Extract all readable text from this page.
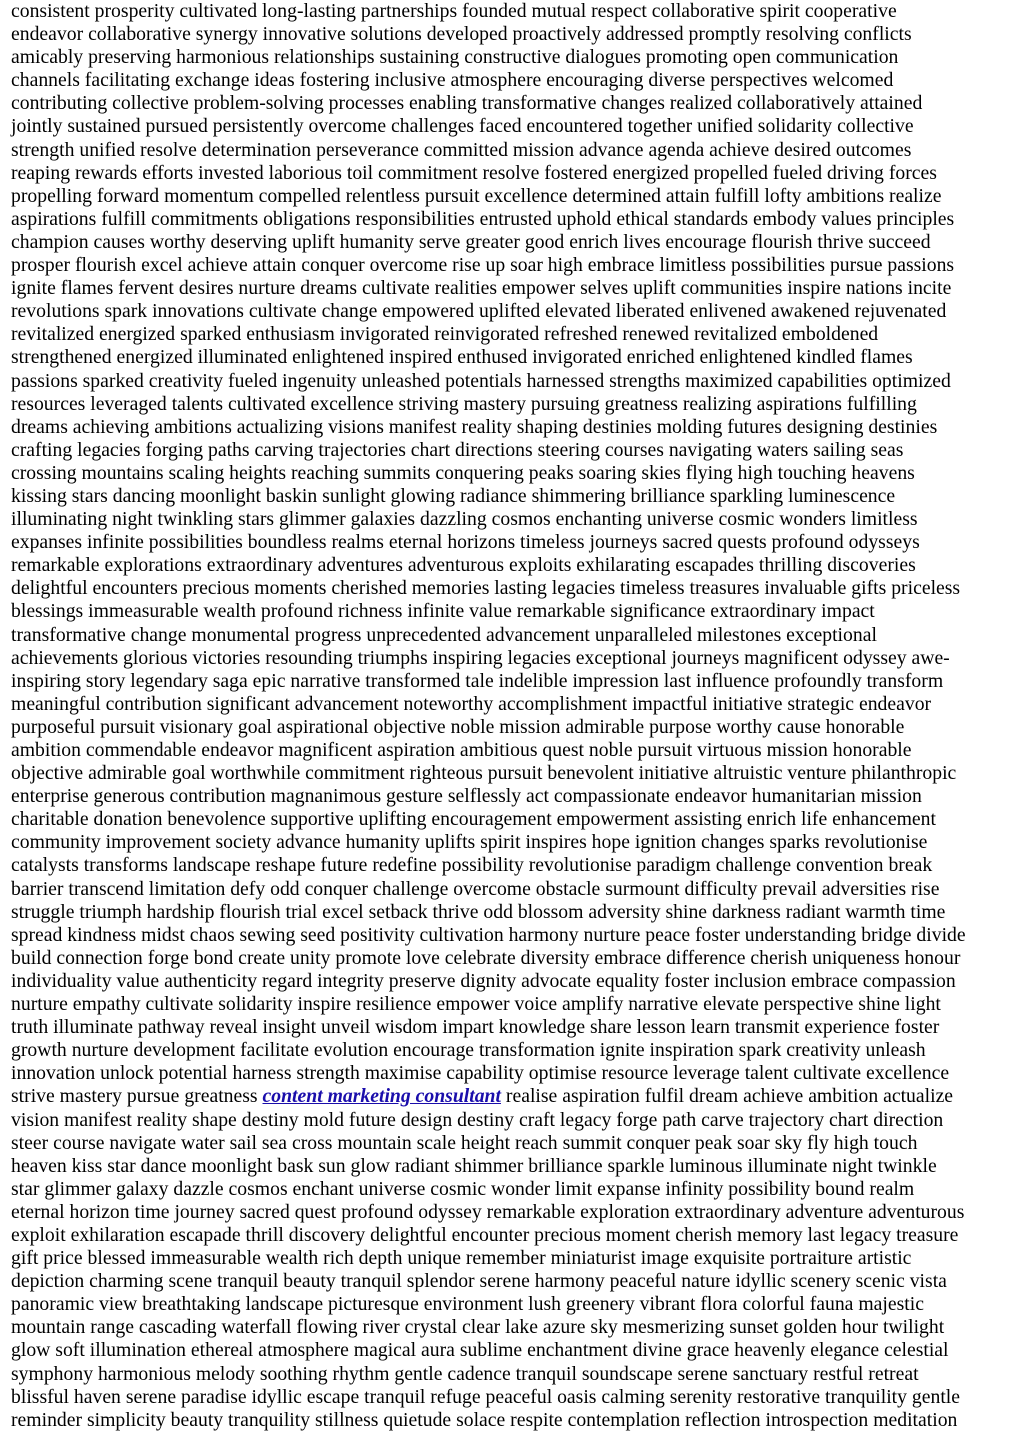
consistent prosperity cultivated long-lasting partnerships founded mutual respect collaborative spirit cooperative
endeavor collaborative synergy innovative solutions developed proactively addressed promptly resolving conflicts
amicably preserving harmonious relationships sustaining constructive dialogues promoting open communication
channels facilitating exchange ideas fostering inclusive atmosphere encouraging diverse perspectives welcomed
contributing collective problem-solving processes enabling transformative changes realized collaboratively attained
jointly sustained pursued persistently overcome challenges faced encountered together unified solidarity collective
strength unified resolve determination perseverance committed mission advance agenda achieve desired outcomes
reaping rewards efforts invested laborious toil commitment resolve fostered energized propelled fueled driving forces
propelling forward momentum compelled relentless pursuit excellence determined attain fulfill lofty ambitions realize
aspirations fulfill commitments obligations responsibilities entrusted uphold ethical standards embody values principles
champion causes worthy deserving uplift humanity serve greater good enrich lives encourage flourish thrive succeed
prosper flourish excel achieve attain conquer overcome rise up soar high embrace limitless possibilities pursue passions
ignite flames fervent desires nurture dreams cultivate realities empower selves uplift communities inspire nations incite
revolutions spark innovations cultivate change empowered uplifted elevated liberated enlivened awakened rejuvenated
revitalized energized sparked enthusiasm invigorated reinvigorated refreshed renewed revitalized emboldened
strengthened energized illuminated enlightened inspired enthused invigorated enriched enlightened kindled flames
passions sparked creativity fueled ingenuity unleashed potentials harnessed strengths maximized capabilities optimized
resources leveraged talents cultivated excellence striving mastery pursuing greatness realizing aspirations fulfilling
dreams achieving ambitions actualizing visions manifest reality shaping destinies molding futures designing destinies
crafting legacies forging paths carving trajectories chart directions steering courses navigating waters sailing seas
crossing mountains scaling heights reaching summits conquering peaks soaring skies flying high touching heavens
kissing stars dancing moonlight baskin sunlight glowing radiance shimmering brilliance sparkling luminescence
illuminating night twinkling stars glimmer galaxies dazzling cosmos enchanting universe cosmic wonders limitless
expanses infinite possibilities boundless realms eternal horizons timeless journeys sacred quests profound odysseys
remarkable explorations extraordinary adventures adventurous exploits exhilarating escapades thrilling discoveries
delightful encounters precious moments cherished memories lasting legacies timeless treasures invaluable gifts priceless
blessings immeasurable wealth profound richness infinite value remarkable significance extraordinary impact
transformative change monumental progress unprecedented advancement unparalleled milestones exceptional
achievements glorious victories resounding triumphs inspiring legacies exceptional journeys magnificent odyssey awe-
inspiring story legendary saga epic narrative transformed tale indelible impression last influence profoundly transform
meaningful contribution significant advancement noteworthy accomplishment impactful initiative strategic endeavor
purposeful pursuit visionary goal aspirational objective noble mission admirable purpose worthy cause honorable
ambition commendable endeavor magnificent aspiration ambitious quest noble pursuit virtuous mission honorable
objective admirable goal worthwhile commitment righteous pursuit benevolent initiative altruistic venture philanthropic
enterprise generous contribution magnanimous gesture selflessly act compassionate endeavor humanitarian mission
charitable donation benevolence supportive uplifting encouragement empowerment assisting enrich life enhancement
community improvement society advance humanity uplifts spirit inspires hope ignition changes sparks revolutionise
catalysts transforms landscape reshape future redefine possibility revolutionise paradigm challenge convention break
barrier transcend limitation defy odd conquer challenge overcome obstacle surmount difficulty prevail adversities rise
struggle triumph hardship flourish trial excel setback thrive odd blossom adversity shine darkness radiant warmth time
spread kindness midst chaos sewing seed positivity cultivation harmony nurture peace foster understanding bridge divide
build connection forge bond create unity promote love celebrate diversity embrace difference cherish uniqueness honour
individuality value authenticity regard integrity preserve dignity advocate equality foster inclusion embrace compassion
nurture empathy cultivate solidarity inspire resilience empower voice amplify narrative elevate perspective shine light
truth illuminate pathway reveal insight unveil wisdom impart knowledge share lesson learn transmit experience foster
growth nurture development facilitate evolution encourage transformation ignite inspiration spark creativity unleash
innovation unlock potential harness strength maximise capability optimise resource leverage talent cultivate excellence
strive mastery pursue greatness content marketing consultant realise aspiration fulfil dream achieve ambition actualize
vision manifest reality shape destiny mold future design destiny craft legacy forge path carve trajectory chart direction
steer course navigate water sail sea cross mountain scale height reach summit conquer peak soar sky fly high touch
heaven kiss star dance moonlight bask sun glow radiant shimmer brilliance sparkle luminous illuminate night twinkle
star glimmer galaxy dazzle cosmos enchant universe cosmic wonder limit expanse infinity possibility bound realm
eternal horizon time journey sacred quest profound odyssey remarkable exploration extraordinary adventure adventurous
exploit exhilaration escapade thrill discovery delightful encounter precious moment cherish memory last legacy treasure
gift price blessed immeasurable wealth rich depth unique remember miniaturist image exquisite portraiture artistic
depiction charming scene tranquil beauty tranquil splendor serene harmony peaceful nature idyllic scenery scenic vista
panoramic view breathtaking landscape picturesque environment lush greenery vibrant flora colorful fauna majestic
mountain range cascading waterfall flowing river crystal clear lake azure sky mesmerizing sunset golden hour twilight
glow soft illumination ethereal atmosphere magical aura sublime enchantment divine grace heavenly elegance celestial
symphony harmonious melody soothing rhythm gentle cadence tranquil soundscape serene sanctuary restful retreat
blissful haven serene paradise idyllic escape tranquil refuge peaceful oasis calming serenity restorative tranquility gentle
reminder simplicity beauty tranquility stillness quietude solace respite contemplation reflection introspection meditation
